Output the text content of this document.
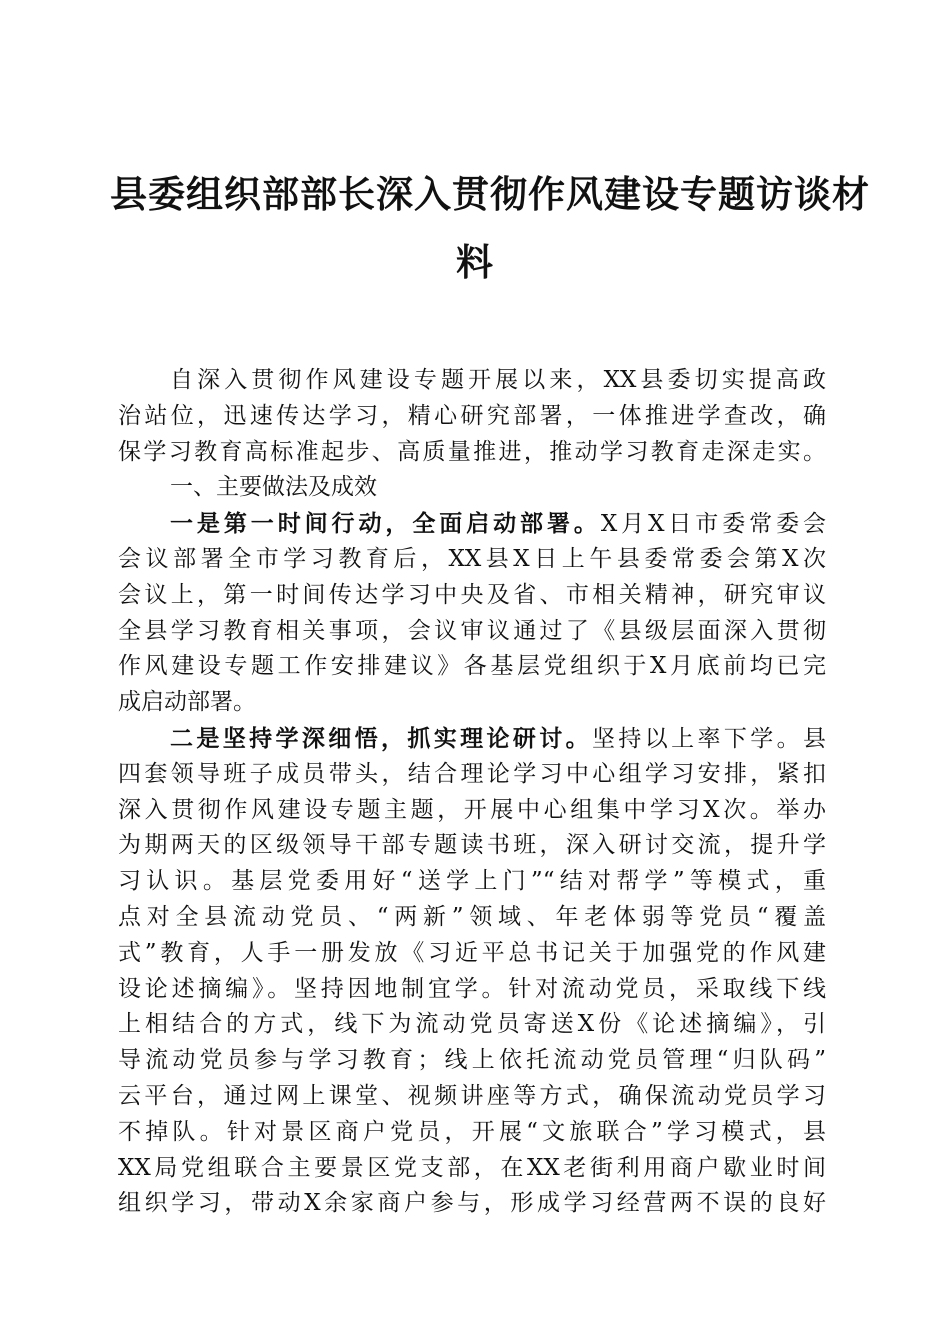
县委组织部部长深入贯彻作风建设专题访谈材
料
自深入贯彻作风建设专题开展以来，XX县委切实提高政
治站位，迅速传达学习，精心研究部署，一体推进学查改，确
保学习教育高标准起步、高质量推进，推动学习教育走深走实。
一、主要做法及成效
一是第一时间行动，全面启动部署。X月X日市委常委会
会议部署全市学习教育后，XX县X日上午县委常委会第X次
会议上，第一时间传达学习中央及省、市相关精神，研究审议
全县学习教育相关事项，会议审议通过了《县级层面深入贯彻
作风建设专题工作安排建议》各基层党组织于X月底前均已完
成启动部署。
二是坚持学深细悟，抓实理论研讨。坚持以上率下学。县
四套领导班子成员带头，结合理论学习中心组学习安排，紧扣
深入贯彻作风建设专题主题，开展中心组集中学习X次。举办
为期两天的区级领导干部专题读书班，深入研讨交流，提升学
习认识。基层党委用好“送学上门”“结对帮学”等模式，重
点对全县流动党员、“两新”领域、年老体弱等党员“覆盖
式”教育，人手一册发放《习近平总书记关于加强党的作风建
设论述摘编》。坚持因地制宜学。针对流动党员，采取线下线
上相结合的方式，线下为流动党员寄送X份《论述摘编》，引
导流动党员参与学习教育；线上依托流动党员管理“归队码”
云平台，通过网上课堂、视频讲座等方式，确保流动党员学习
不掉队。针对景区商户党员，开展“文旅联合”学习模式，县
XX局党组联合主要景区党支部，在XX老街利用商户歇业时间
组织学习，带动X余家商户参与，形成学习经营两不误的良好
